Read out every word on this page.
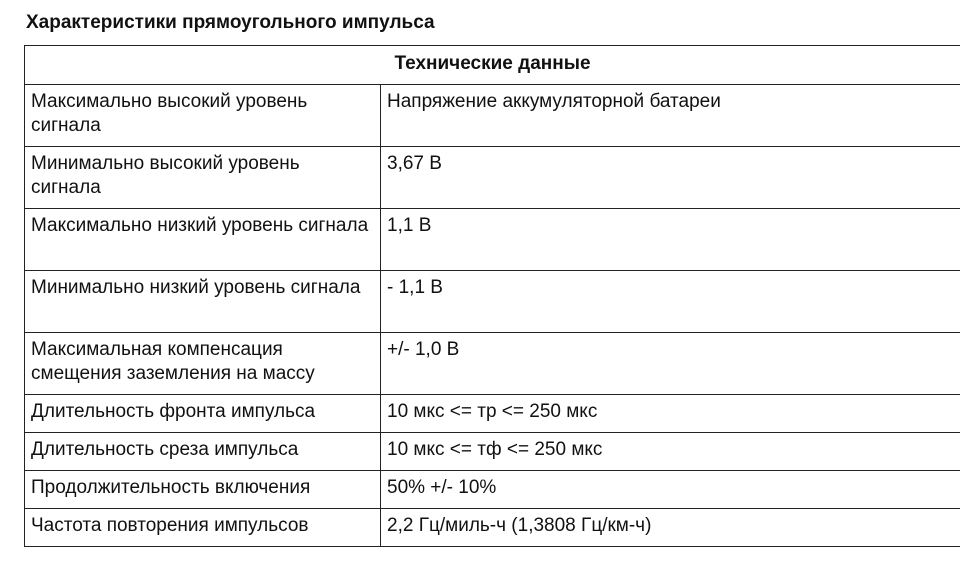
Характеристики прямоугольного импульса
Технические данные	
Максимально высокий уровень сигнала	Напряжение аккумуляторной батареи
Минимально высокий уровень сигнала	3,67 В
Максимально низкий уровень сигнала	1,1 В
Минимально низкий уровень сигнала	- 1,1 В
Максимальная компенсация смещения заземления на массу	+/- 1,0 В
Длительность фронта импульса	10 мкс <= тр <= 250 мкс
Длительность среза импульса	10 мкс <= тф <= 250 мкс
Продолжительность включения	50% +/- 10%
Частота повторения импульсов	2,2 Гц/миль-ч (1,3808 Гц/км-ч)
